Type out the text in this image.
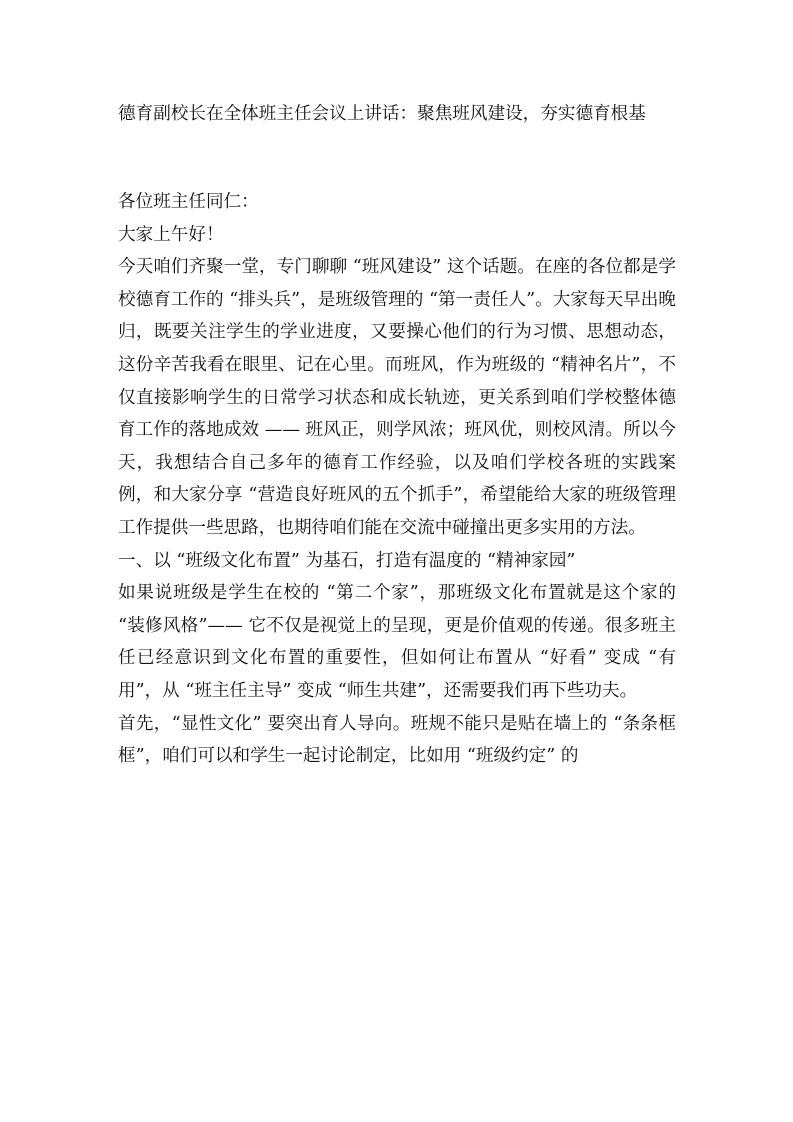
德育副校长在全体班主任会议上讲话：聚焦班风建设，夯实德育根基

各位班主任同仁：

大家上午好！

今天咱们齐聚一堂，专门聊聊 “班风建设” 这个话题。在座的各位都是学校德育工作的 “排头兵”，是班级管理的 “第一责任人”。大家每天早出晚归，既要关注学生的学业进度，又要操心他们的行为习惯、思想动态，这份辛苦我看在眼里、记在心里。而班风，作为班级的 “精神名片”，不仅直接影响学生的日常学习状态和成长轨迹，更关系到咱们学校整体德育工作的落地成效 —— 班风正，则学风浓；班风优，则校风清。所以今天，我想结合自己多年的德育工作经验，以及咱们学校各班的实践案例，和大家分享 “营造良好班风的五个抓手”，希望能给大家的班级管理工作提供一些思路，也期待咱们能在交流中碰撞出更多实用的方法。

一、以 “班级文化布置” 为基石，打造有温度的 “精神家园”

如果说班级是学生在校的 “第二个家”，那班级文化布置就是这个家的 “装修风格”—— 它不仅是视觉上的呈现，更是价值观的传递。很多班主任已经意识到文化布置的重要性，但如何让布置从 “好看” 变成 “有用”，从 “班主任主导” 变成 “师生共建”，还需要我们再下些功夫。

首先，“显性文化” 要突出育人导向。班规不能只是贴在墙上的 “条条框框”，咱们可以和学生一起讨论制定，比如用 “班级约定” 的
